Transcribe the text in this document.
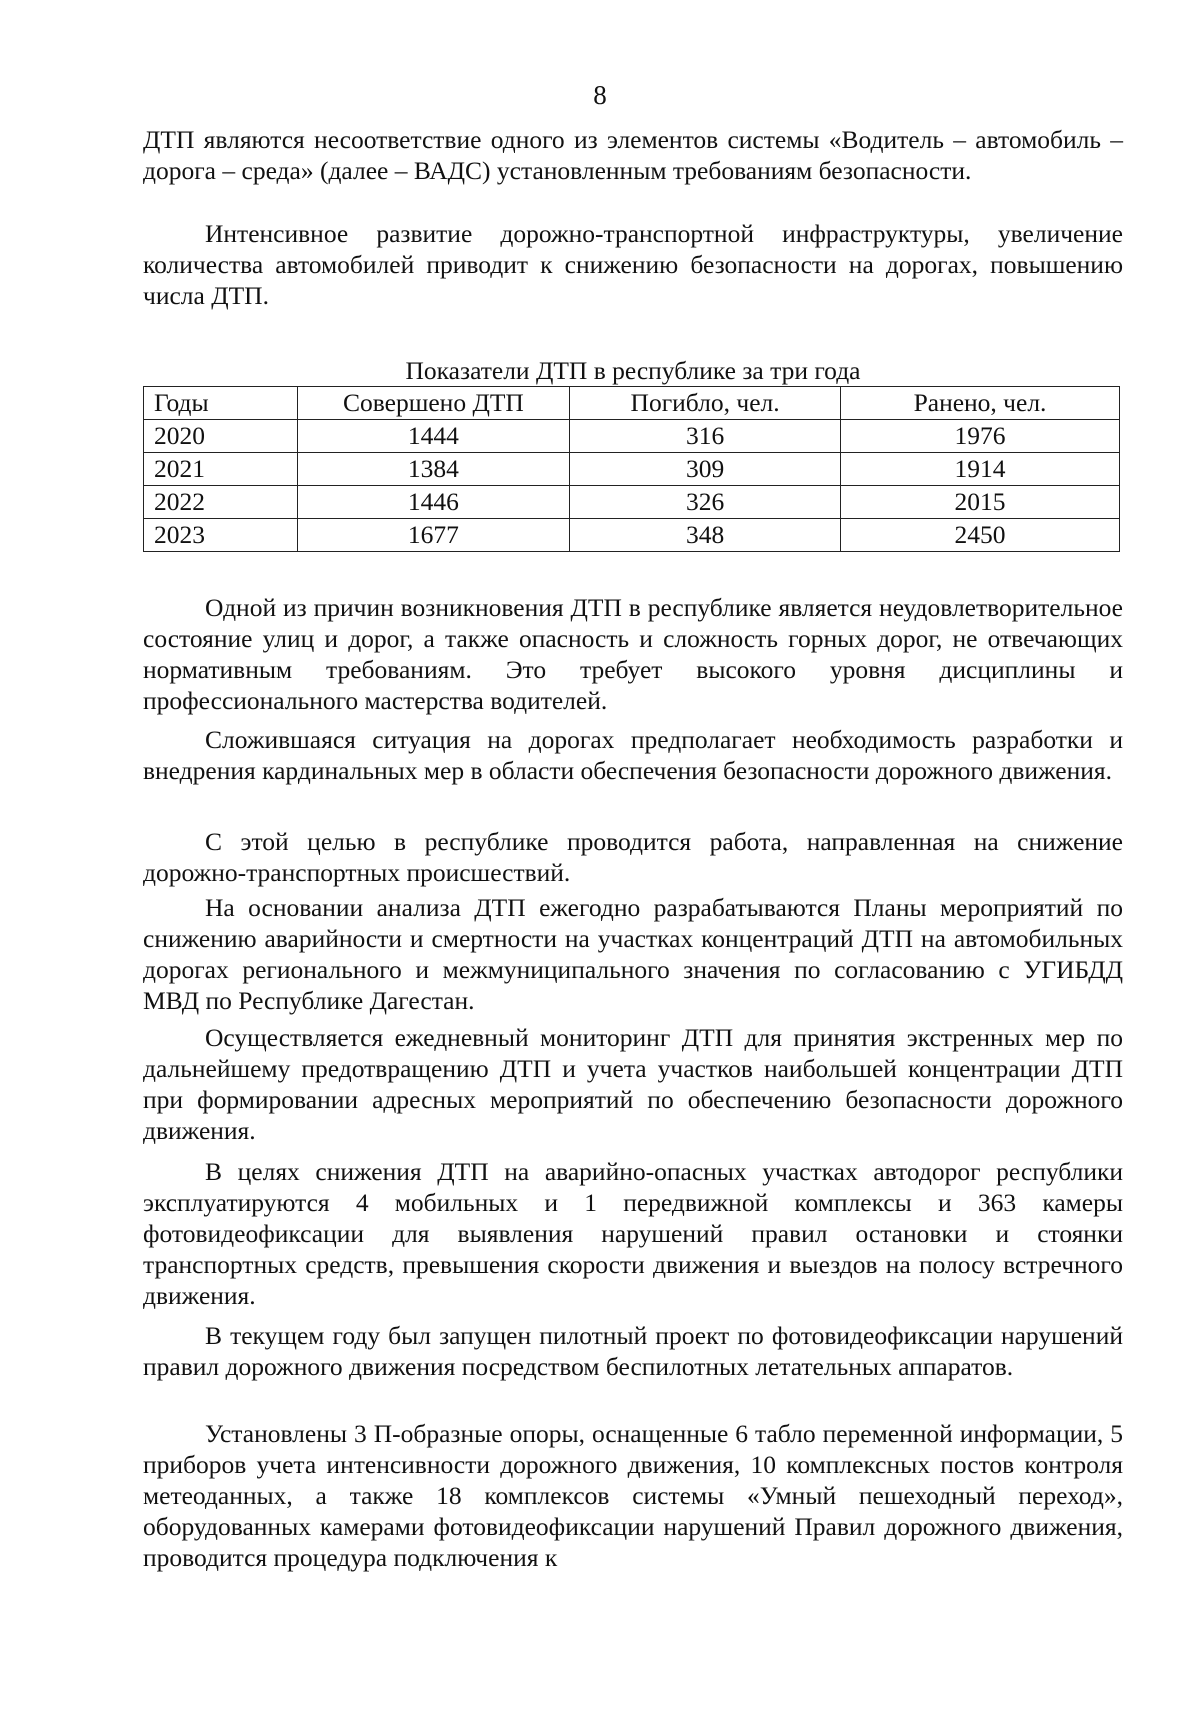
8

ДТП являются несоответствие одного из элементов системы «Водитель – автомобиль – дорога – среда» (далее – ВАДС) установленным требованиям безопасности.

Интенсивное развитие дорожно-транспортной инфраструктуры, увеличение количества автомобилей приводит к снижению безопасности на дорогах, повышению числа ДТП.

Показатели ДТП в республике за три года
Годы	Совершено ДТП	Погибло, чел.	Ранено, чел.
2020	1444	316	1976
2021	1384	309	1914
2022	1446	326	2015
2023	1677	348	2450

Одной из причин возникновения ДТП в республике является неудовлетворительное состояние улиц и дорог, а также опасность и сложность горных дорог, не отвечающих нормативным требованиям. Это требует высокого уровня дисциплины и профессионального мастерства водителей.

Сложившаяся ситуация на дорогах предполагает необходимость разработки и внедрения кардинальных мер в области обеспечения безопасности дорожного движения.

С этой целью в республике проводится работа, направленная на снижение дорожно-транспортных происшествий.

На основании анализа ДТП ежегодно разрабатываются Планы мероприятий по снижению аварийности и смертности на участках концентраций ДТП на автомобильных дорогах регионального и межмуниципального значения по согласованию с УГИБДД МВД по Республике Дагестан.

Осуществляется ежедневный мониторинг ДТП для принятия экстренных мер по дальнейшему предотвращению ДТП и учета участков наибольшей концентрации ДТП при формировании адресных мероприятий по обеспечению безопасности дорожного движения.

В целях снижения ДТП на аварийно-опасных участках автодорог республики эксплуатируются 4 мобильных и 1 передвижной комплексы и 363 камеры фотовидеофиксации для выявления нарушений правил остановки и стоянки транспортных средств, превышения скорости движения и выездов на полосу встречного движения.

В текущем году был запущен пилотный проект по фотовидеофиксации нарушений правил дорожного движения посредством беспилотных летательных аппаратов.

Установлены 3 П-образные опоры, оснащенные 6 табло переменной информации, 5 приборов учета интенсивности дорожного движения, 10 комплексных постов контроля метеоданных, а также 18 комплексов системы «Умный пешеходный переход», оборудованных камерами фотовидеофиксации нарушений Правил дорожного движения, проводится процедура подключения к
